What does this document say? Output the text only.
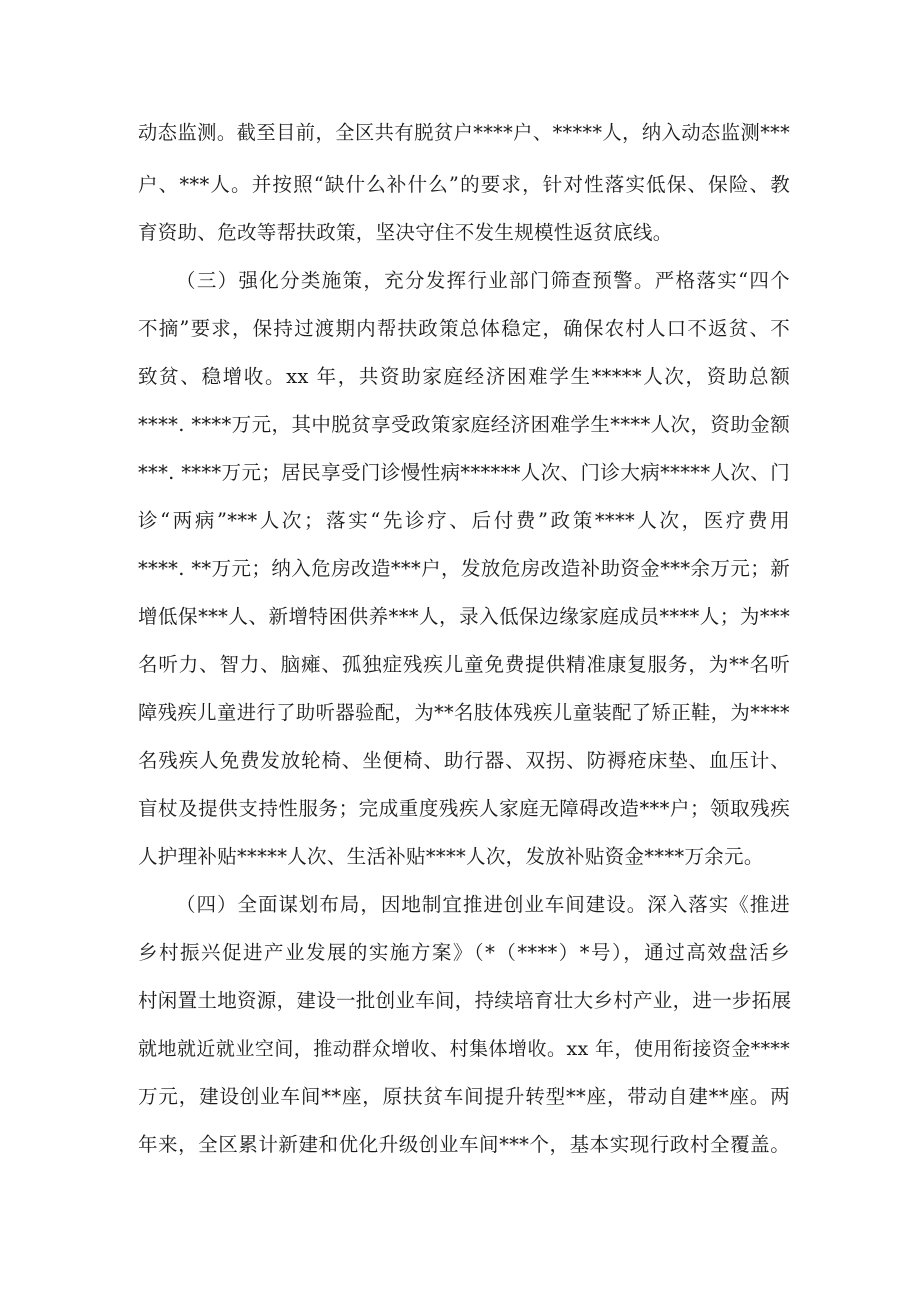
动态监测。截至目前，全区共有脱贫户****户、*****人，纳入动态监测***
户、***人。并按照“缺什么补什么”的要求，针对性落实低保、保险、教
育资助、危改等帮扶政策，坚决守住不发生规模性返贫底线。
（三）强化分类施策，充分发挥行业部门筛查预警。严格落实“四个
不摘”要求，保持过渡期内帮扶政策总体稳定，确保农村人口不返贫、不
致贫、稳增收。xx 年，共资助家庭经济困难学生*****人次，资助总额
****. ****万元，其中脱贫享受政策家庭经济困难学生****人次，资助金额
***. ****万元；居民享受门诊慢性病******人次、门诊大病*****人次、门
诊“两病”***人次；落实“先诊疗、后付费”政策****人次，医疗费用
****. **万元；纳入危房改造***户，发放危房改造补助资金***余万元；新
增低保***人、新增特困供养***人，录入低保边缘家庭成员****人；为***
名听力、智力、脑瘫、孤独症残疾儿童免费提供精准康复服务，为**名听
障残疾儿童进行了助听器验配，为**名肢体残疾儿童装配了矫正鞋，为****
名残疾人免费发放轮椅、坐便椅、助行器、双拐、防褥疮床垫、血压计、
盲杖及提供支持性服务；完成重度残疾人家庭无障碍改造***户；领取残疾
人护理补贴*****人次、生活补贴****人次，发放补贴资金****万余元。
（四）全面谋划布局，因地制宜推进创业车间建设。深入落实《推进
乡村振兴促进产业发展的实施方案》（*（****）*号），通过高效盘活乡
村闲置土地资源，建设一批创业车间，持续培育壮大乡村产业，进一步拓展
就地就近就业空间，推动群众增收、村集体增收。xx 年，使用衔接资金****
万元，建设创业车间**座，原扶贫车间提升转型**座，带动自建**座。两
年来，全区累计新建和优化升级创业车间***个，基本实现行政村全覆盖。
